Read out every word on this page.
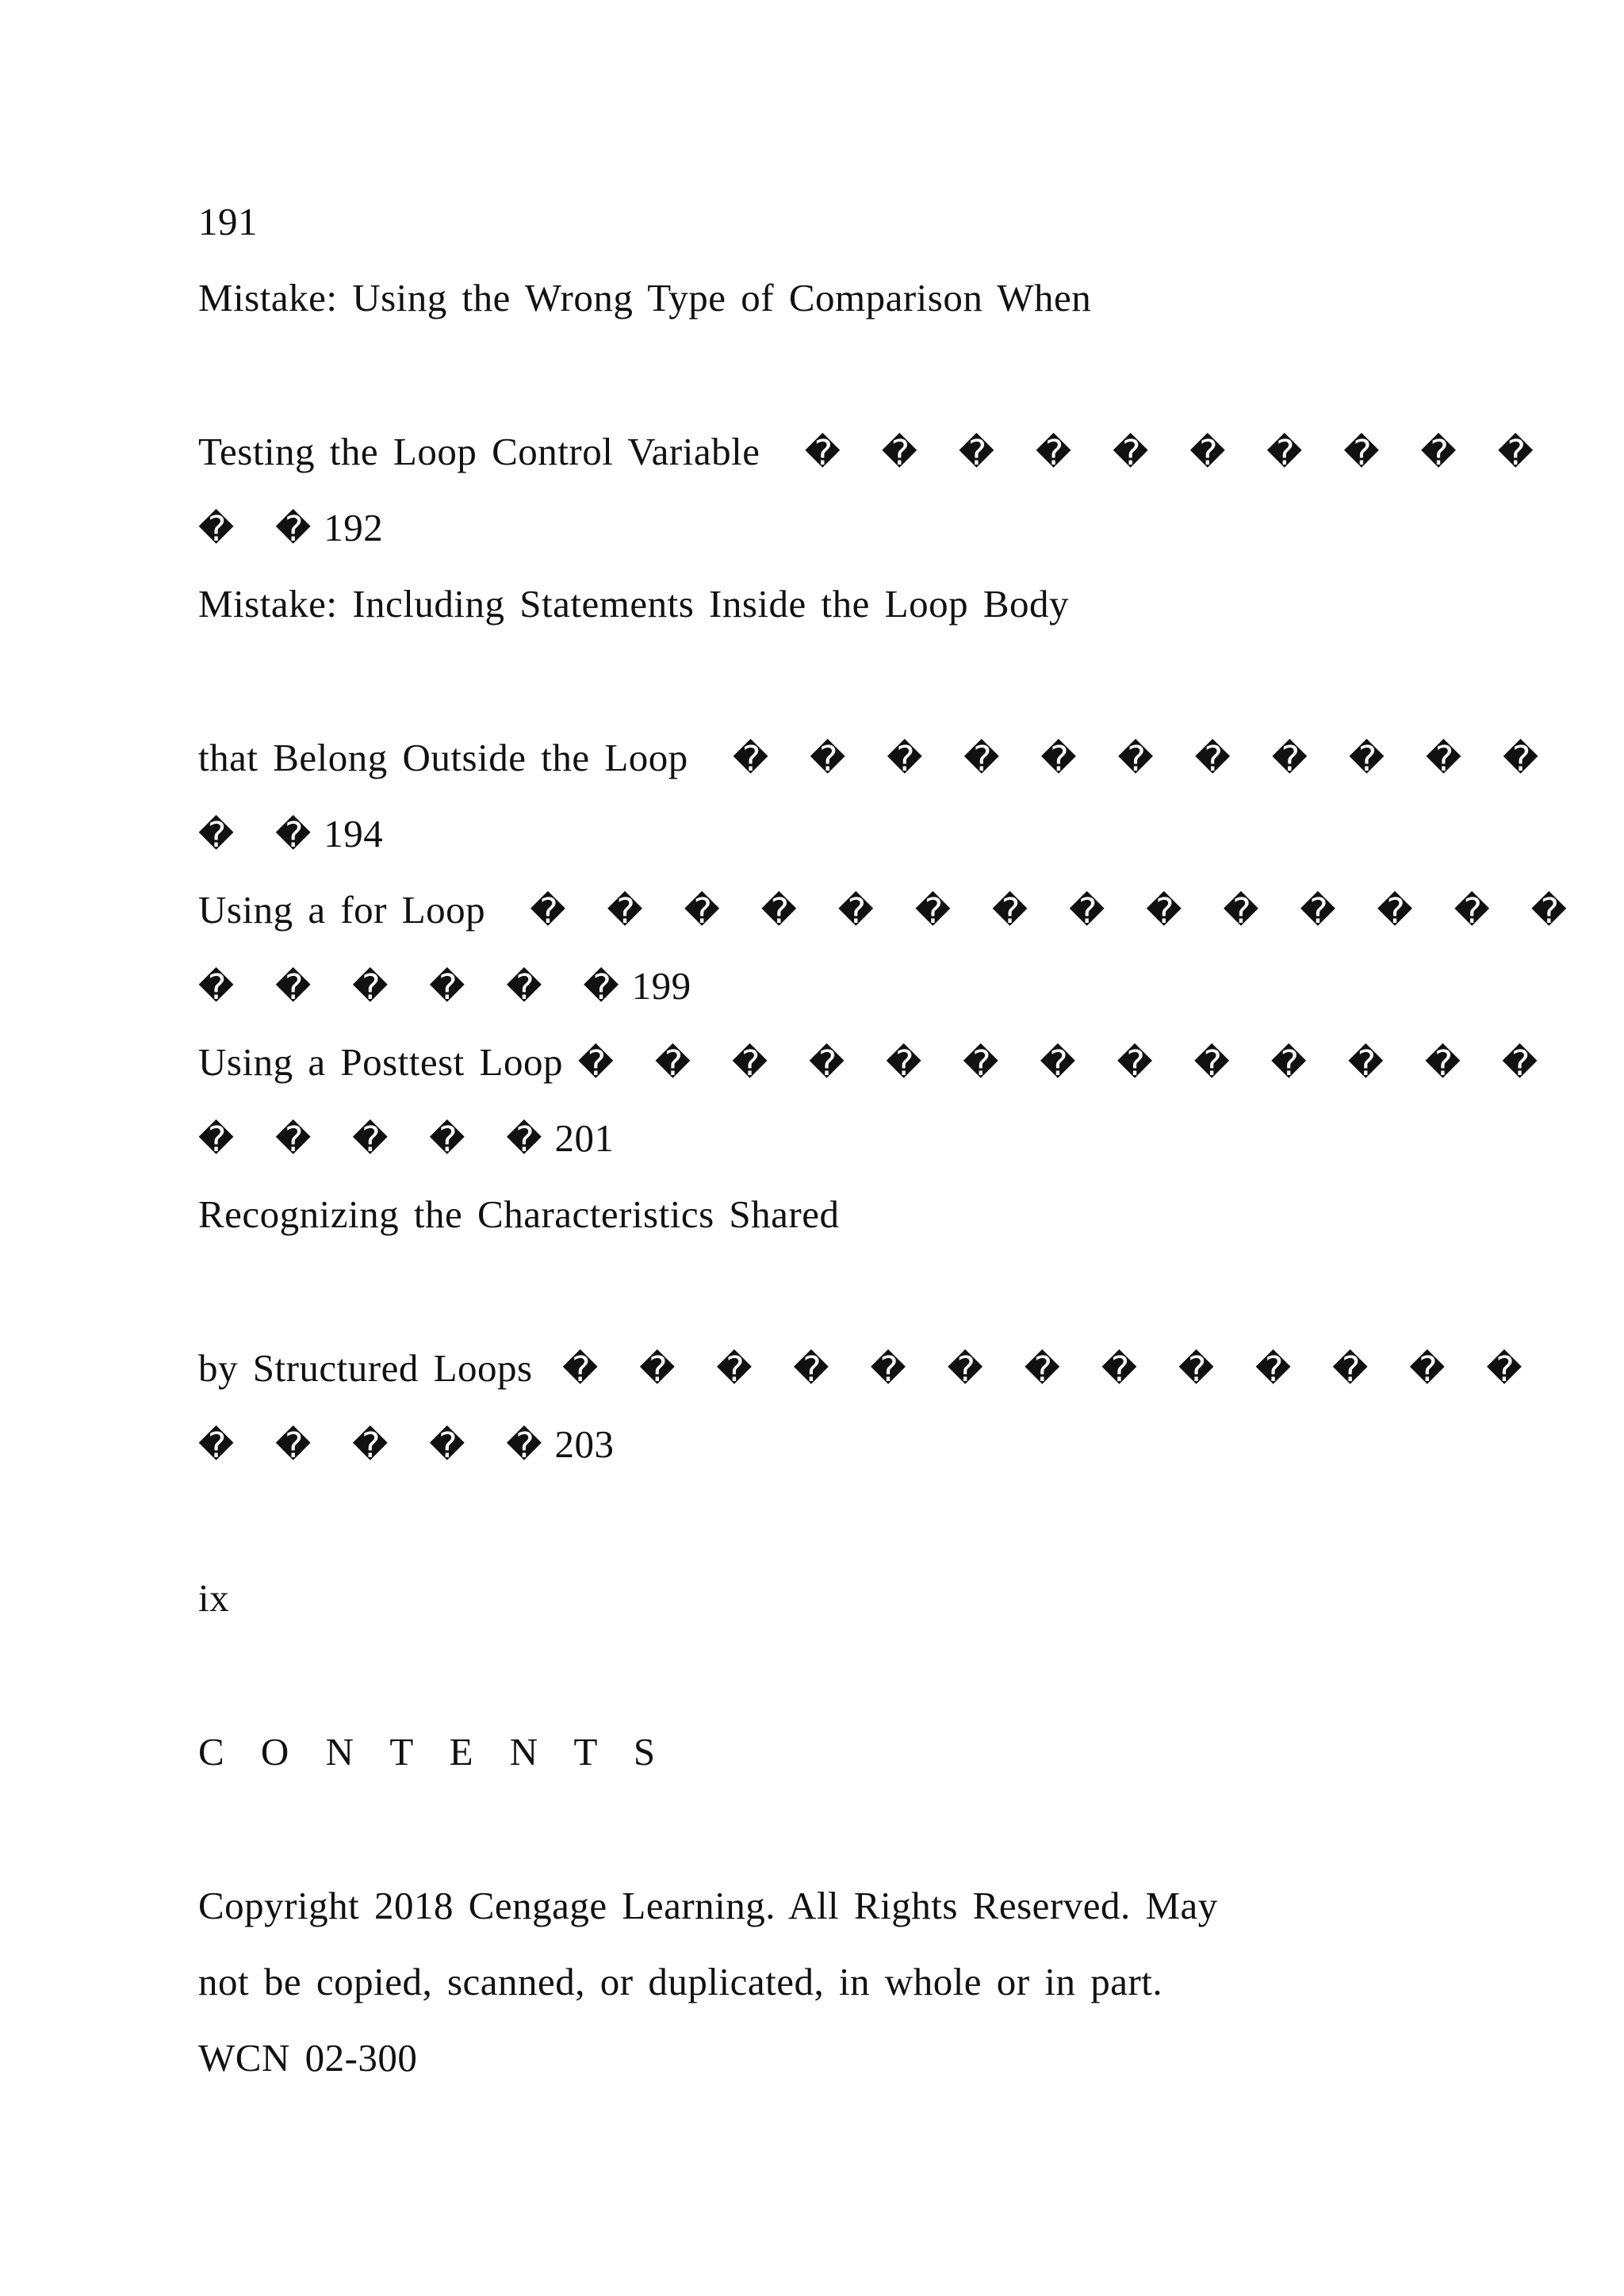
191
Mistake: Using the Wrong Type of Comparison When
Testing the Loop Control Variable � � � � � � � � � �
� �192
Mistake: Including Statements Inside the Loop Body
that Belong Outside the Loop � � � � � � � � � � �
� �194
Using a for Loop � � � � � � � � � � � � � �
� � � � � �199
Using a Posttest Loop � � � � � � � � � � � � �
� � � � �201
Recognizing the Characteristics Shared
by Structured Loops � � � � � � � � � � � � �
� � � � �203
ix
C O N T E N T S
Copyright 2018 Cengage Learning. All Rights Reserved. May
not be copied, scanned, or duplicated, in whole or in part.
WCN 02-300
